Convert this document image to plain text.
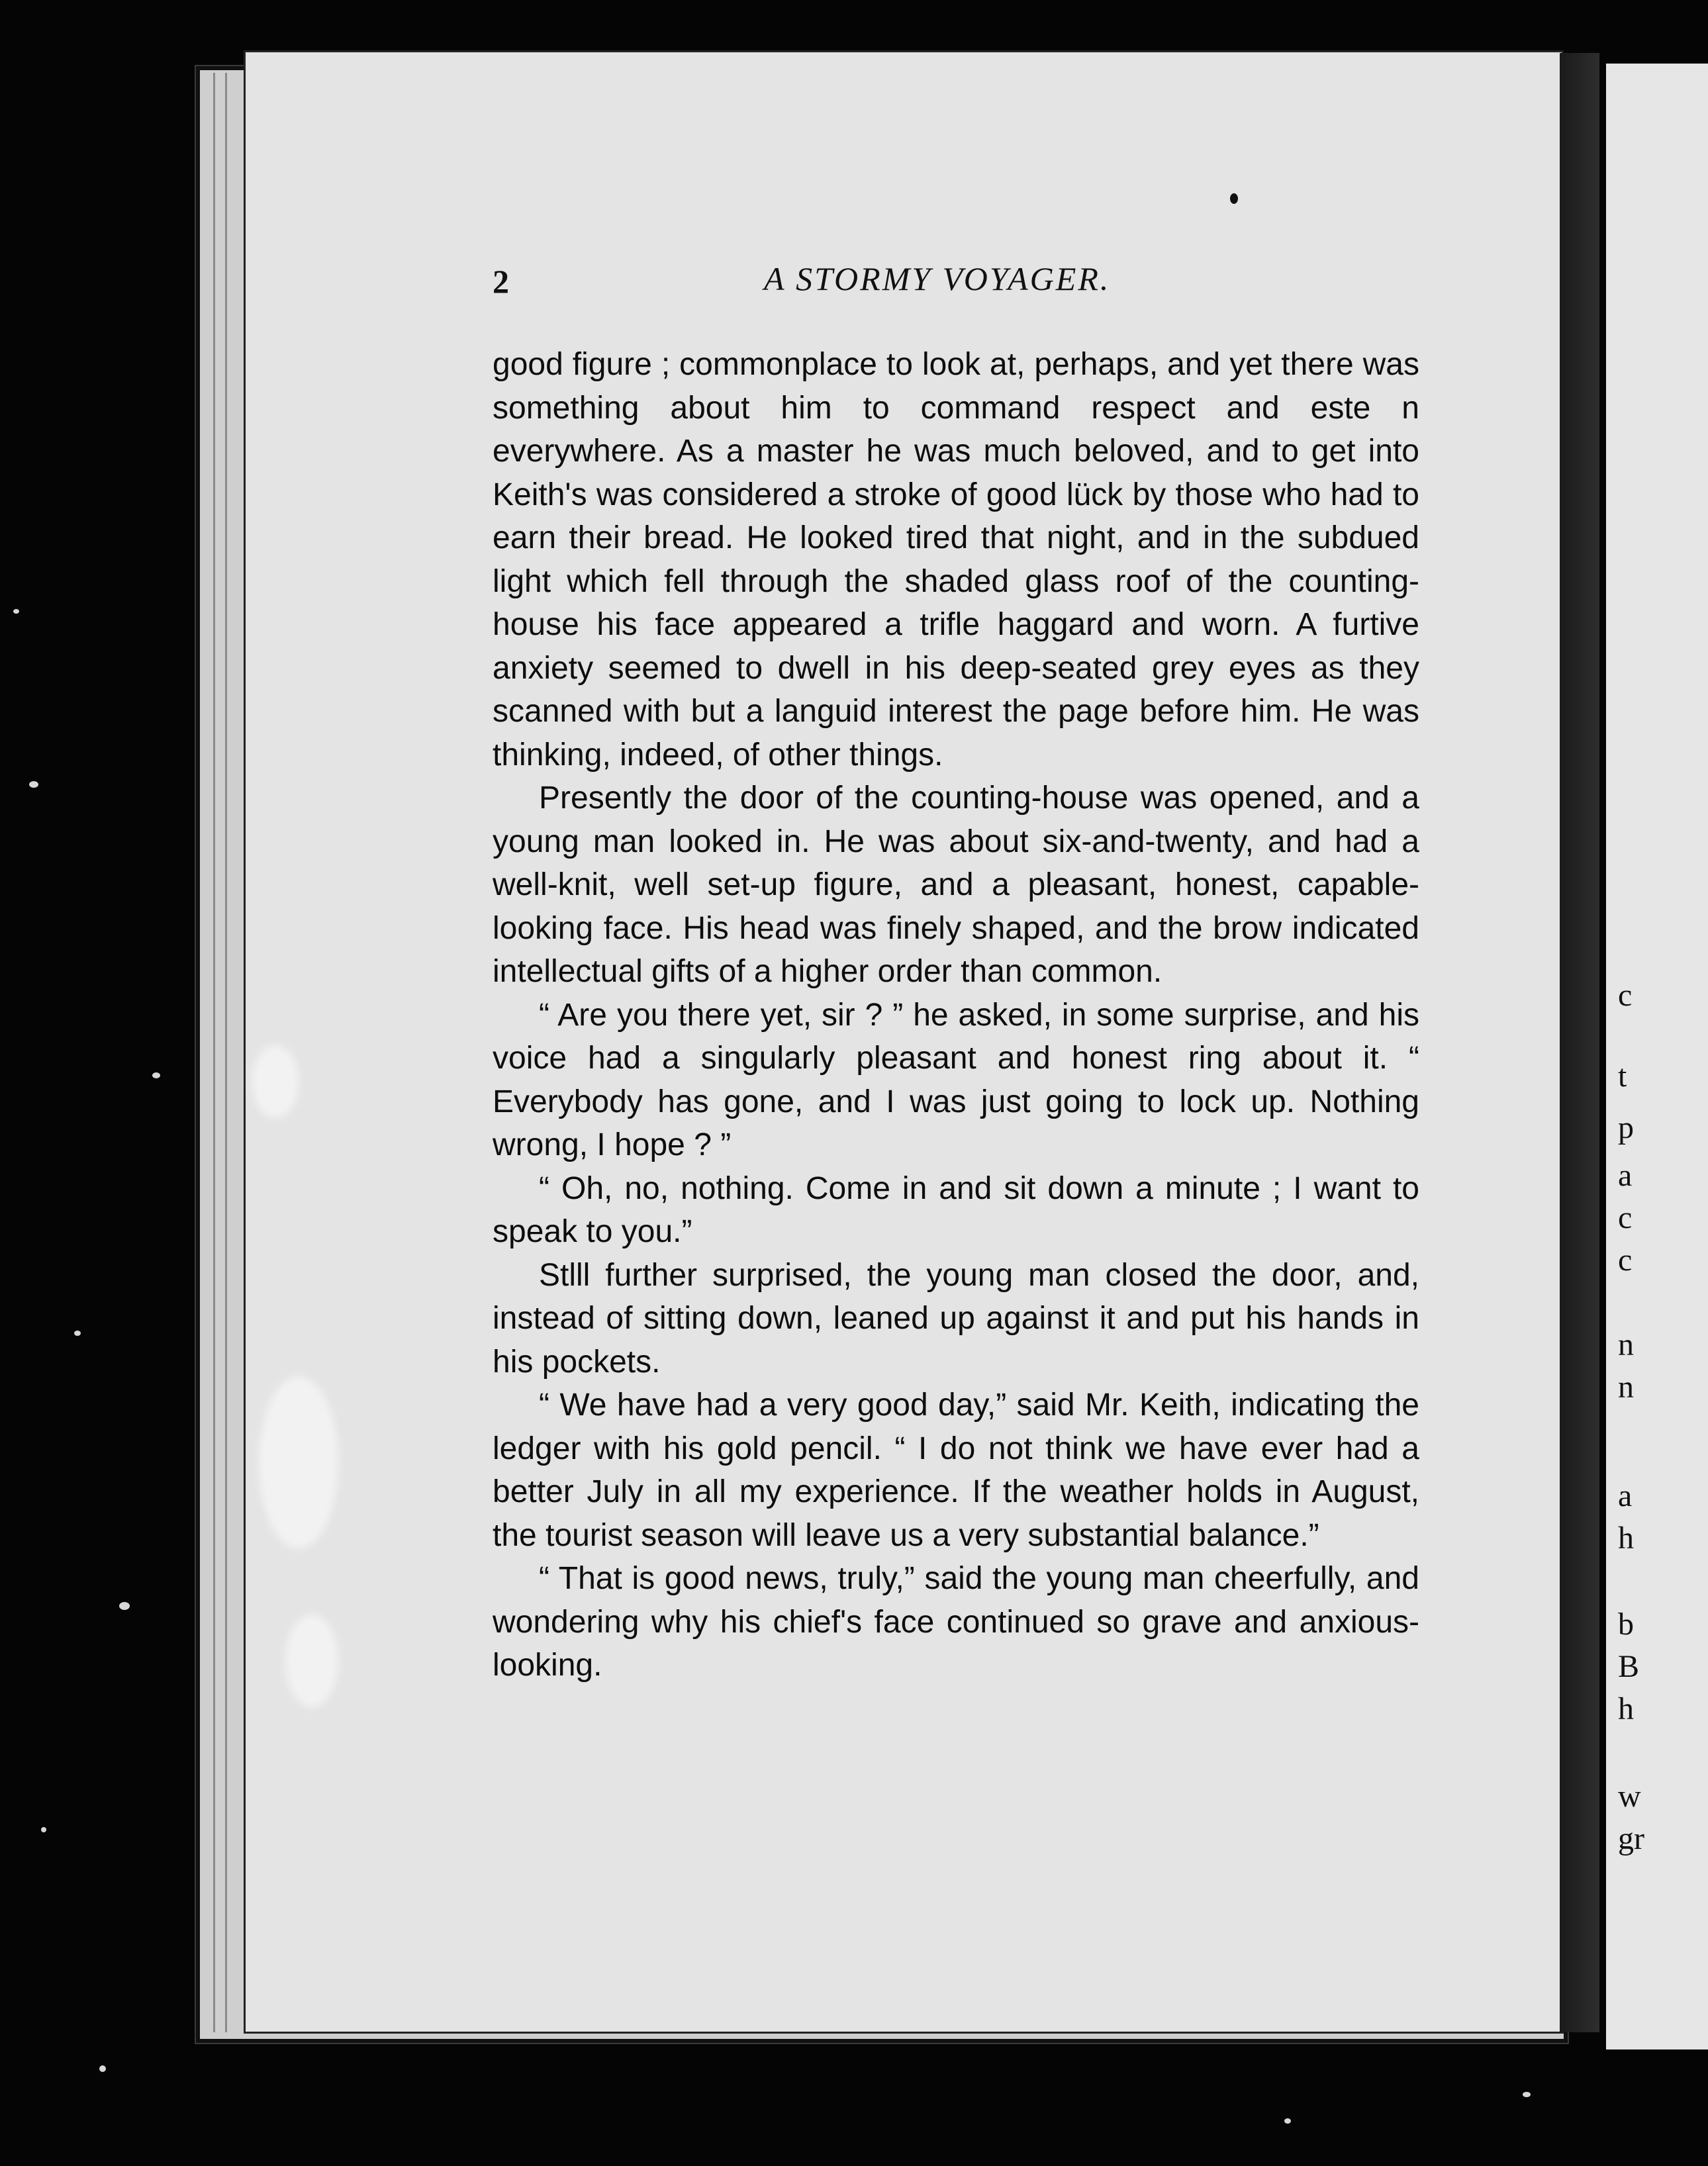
c
t
p
a
c
c
n
n
a
h
b
B
h
w
gr
2	A STORMY VOYAGER.

good figure ; commonplace to look at, perhaps, and yet there was something about him to command respect and este n everywhere. As a master he was much beloved, and to get into Keith's was considered a stroke of good lück by those who had to earn their bread. He looked tired that night, and in the subdued light which fell through the shaded glass roof of the counting-house his face appeared a trifle haggard and worn. A furtive anxiety seemed to dwell in his deep-seated grey eyes as they scanned with but a languid interest the page before him. He was thinking, indeed, of other things.

Presently the door of the counting-house was opened, and a young man looked in. He was about six-and-twenty, and had a well-knit, well set-up figure, and a pleasant, honest, capable-looking face. His head was finely shaped, and the brow indicated intellectual gifts of a higher order than common.

“ Are you there yet, sir ? ” he asked, in some surprise, and his voice had a singularly pleasant and honest ring about it. “ Everybody has gone, and I was just going to lock up. Nothing wrong, I hope ? ”

“ Oh, no, nothing. Come in and sit down a minute ; I want to speak to you.”

Stlll further surprised, the young man closed the door, and, instead of sitting down, leaned up against it and put his hands in his pockets.

“ We have had a very good day,” said Mr. Keith, indicating the ledger with his gold pencil. “ I do not think we have ever had a better July in all my experience. If the weather holds in August, the tourist season will leave us a very substantial balance.”

“ That is good news, truly,” said the young man cheerfully, and wondering why his chief's face continued so grave and anxious-looking.
